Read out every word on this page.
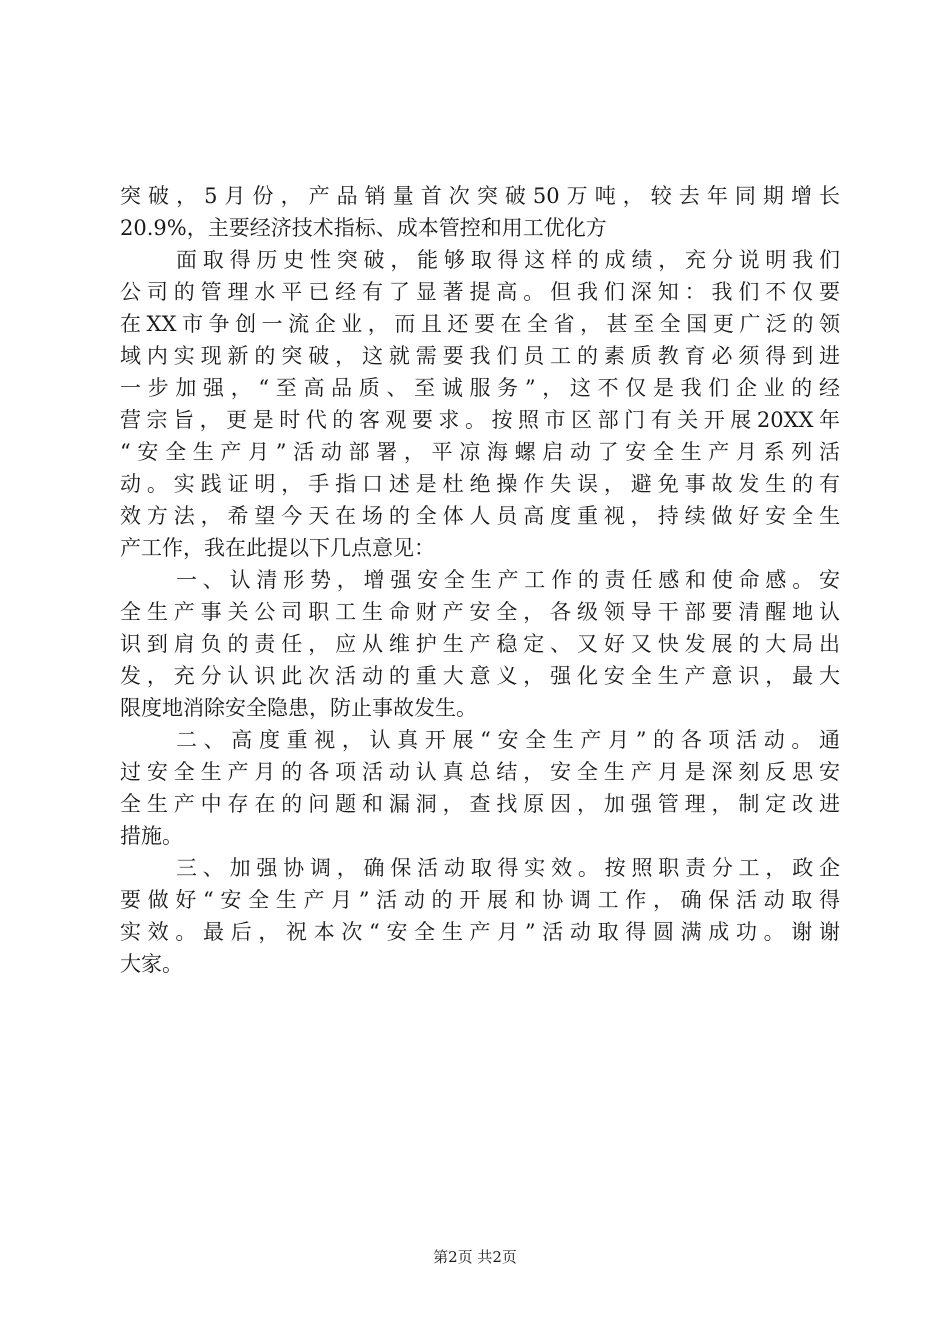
突破，5月份，产品销量首次突破50万吨，较去年同期增长
20.9%，主要经济技术指标、成本管控和用工优化方
面取得历史性突破，能够取得这样的成绩，充分说明我们
公司的管理水平已经有了显著提高。但我们深知：我们不仅要
在XX市争创一流企业，而且还要在全省，甚至全国更广泛的领
域内实现新的突破，这就需要我们员工的素质教育必须得到进
一步加强，“至高品质、至诚服务”，这不仅是我们企业的经
营宗旨，更是时代的客观要求。按照市区部门有关开展20XX年
“安全生产月”活动部署，平凉海螺启动了安全生产月系列活
动。实践证明，手指口述是杜绝操作失误，避免事故发生的有
效方法，希望今天在场的全体人员高度重视，持续做好安全生
产工作，我在此提以下几点意见：
一、认清形势，增强安全生产工作的责任感和使命感。安
全生产事关公司职工生命财产安全，各级领导干部要清醒地认
识到肩负的责任，应从维护生产稳定、又好又快发展的大局出
发，充分认识此次活动的重大意义，强化安全生产意识，最大
限度地消除安全隐患，防止事故发生。
二、高度重视，认真开展“安全生产月”的各项活动。通
过安全生产月的各项活动认真总结，安全生产月是深刻反思安
全生产中存在的问题和漏洞，查找原因，加强管理，制定改进
措施。
三、加强协调，确保活动取得实效。按照职责分工，政企
要做好“安全生产月”活动的开展和协调工作，确保活动取得
实效。最后，祝本次“安全生产月”活动取得圆满成功。谢谢
大家。
第2页 共2页
